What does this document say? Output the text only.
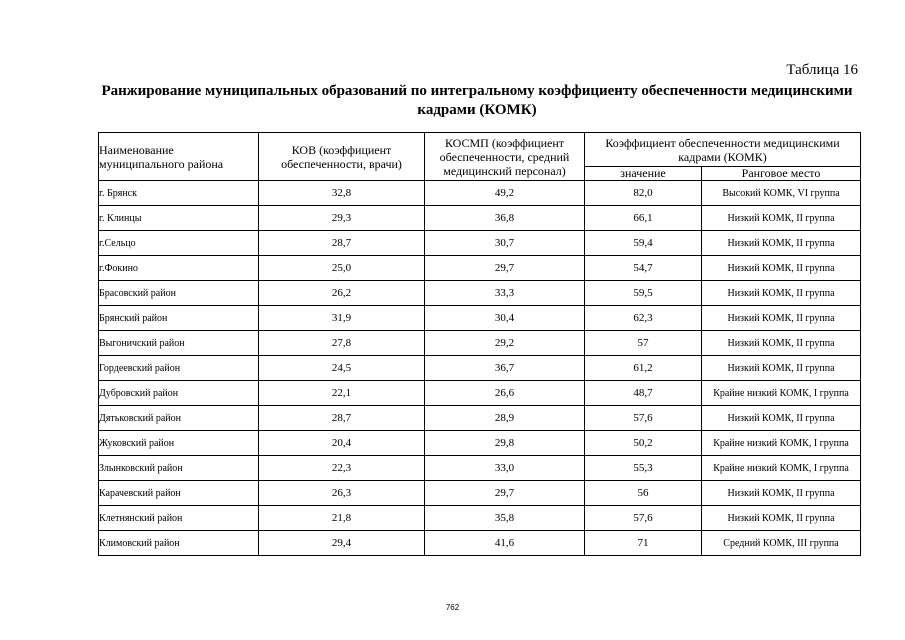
Таблица 16
Ранжирование муниципальных образований по интегральному коэффициенту обеспеченности медицинскими кадрами (КОМК)
Наименование муниципального района	КОВ (коэффициент обеспеченности, врачи)	КОСМП (коэффициент обеспеченности, средний медицинский персонал)	Коэффициент обеспеченности медицинскими кадрами (КОМК)	
			значение	Ранговое место
г. Брянск	32,8	49,2	82,0	Высокий КОМК, VI группа
г. Клинцы	29,3	36,8	66,1	Низкий КОМК, II группа
г.Сельцо	28,7	30,7	59,4	Низкий КОМК, II группа
г.Фокино	25,0	29,7	54,7	Низкий КОМК, II группа
Брасовский район	26,2	33,3	59,5	Низкий КОМК, II группа
Брянский район	31,9	30,4	62,3	Низкий КОМК, II группа
Выгоничский район	27,8	29,2	57	Низкий КОМК, II группа
Гордеевский район	24,5	36,7	61,2	Низкий КОМК, II группа
Дубровский район	22,1	26,6	48,7	Крайне низкий КОМК, I группа
Дятьковский район	28,7	28,9	57,6	Низкий КОМК, II группа
Жуковский район	20,4	29,8	50,2	Крайне низкий КОМК, I группа
Злынковский район	22,3	33,0	55,3	Крайне низкий КОМК, I группа
Карачевский район	26,3	29,7	56	Низкий КОМК, II группа
Клетнянский район	21,8	35,8	57,6	Низкий КОМК, II группа
Климовский район	29,4	41,6	71	Средний КОМК, III группа
762
